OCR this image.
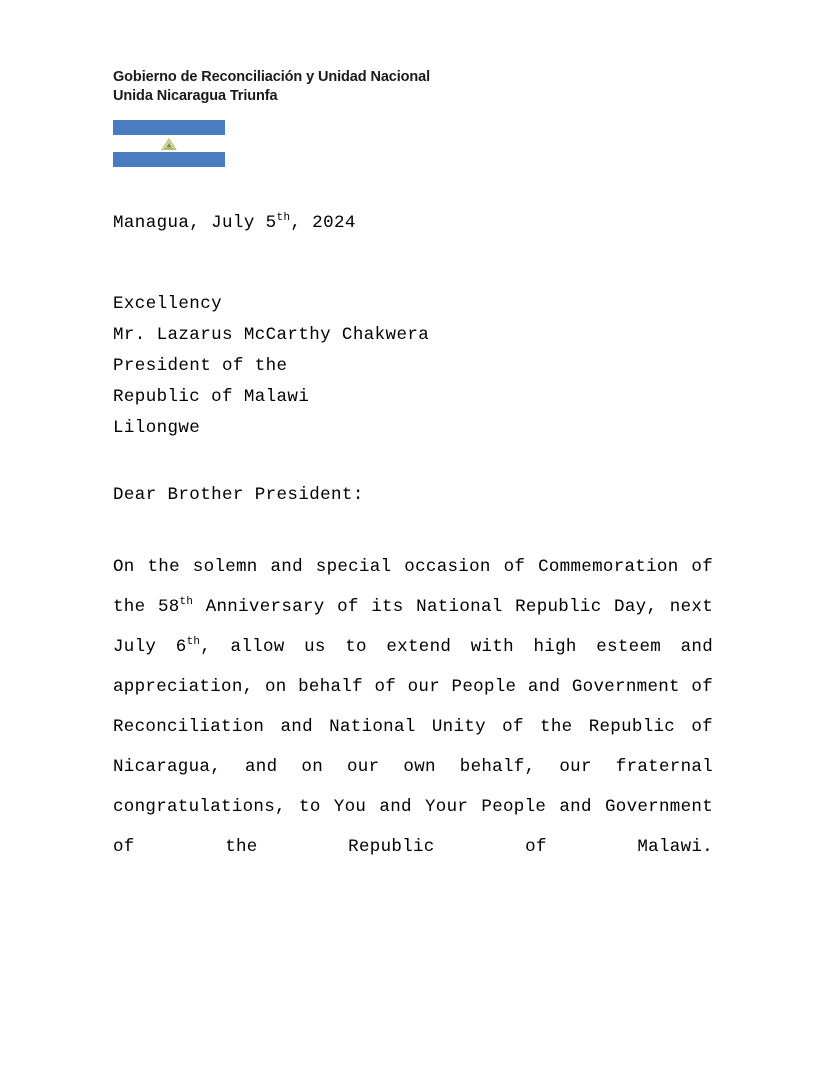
Gobierno de Reconciliación y Unidad Nacional
Unida Nicaragua Triunfa
Managua, July 5th, 2024
Excellency
Mr. Lazarus McCarthy Chakwera
President of the
Republic of Malawi
Lilongwe
Dear Brother President:
On the solemn and special occasion of Commemoration of the 58th Anniversary of its National Republic Day, next July 6th, allow us to extend with high esteem and appreciation, on behalf of our People and Government of Reconciliation and National Unity of the Republic of Nicaragua, and on our own behalf, our fraternal congratulations, to You and Your People and Government of the Republic of Malawi.
